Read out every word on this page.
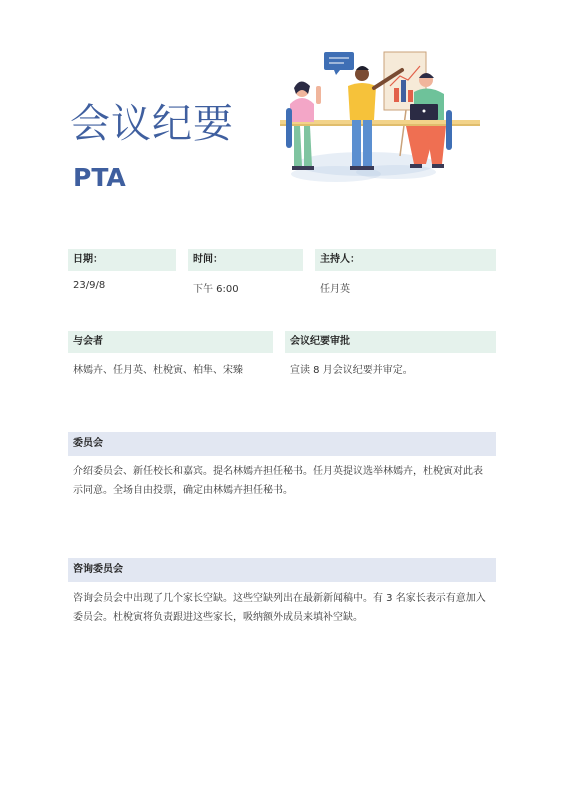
会议纪要
PTA
日期：
23/9/8
时间：
下午 6:00
主持人：
任月英
与会者
林嫣卉、任月英、杜梲寅、柏隼、宋臻
会议纪要审批
宣读 8 月会议纪要并审定。
委员会
介绍委员会、新任校长和嘉宾。提名林嫣卉担任秘书。任月英提议选举林嫣卉，杜梲寅对此表示同意。全场自由投票，确定由林嫣卉担任秘书。
咨询委员会
咨询会员会中出现了几个家长空缺。这些空缺列出在最新新闻稿中。有 3 名家长表示有意加入委员会。杜梲寅将负责跟进这些家长，吸纳额外成员来填补空缺。
